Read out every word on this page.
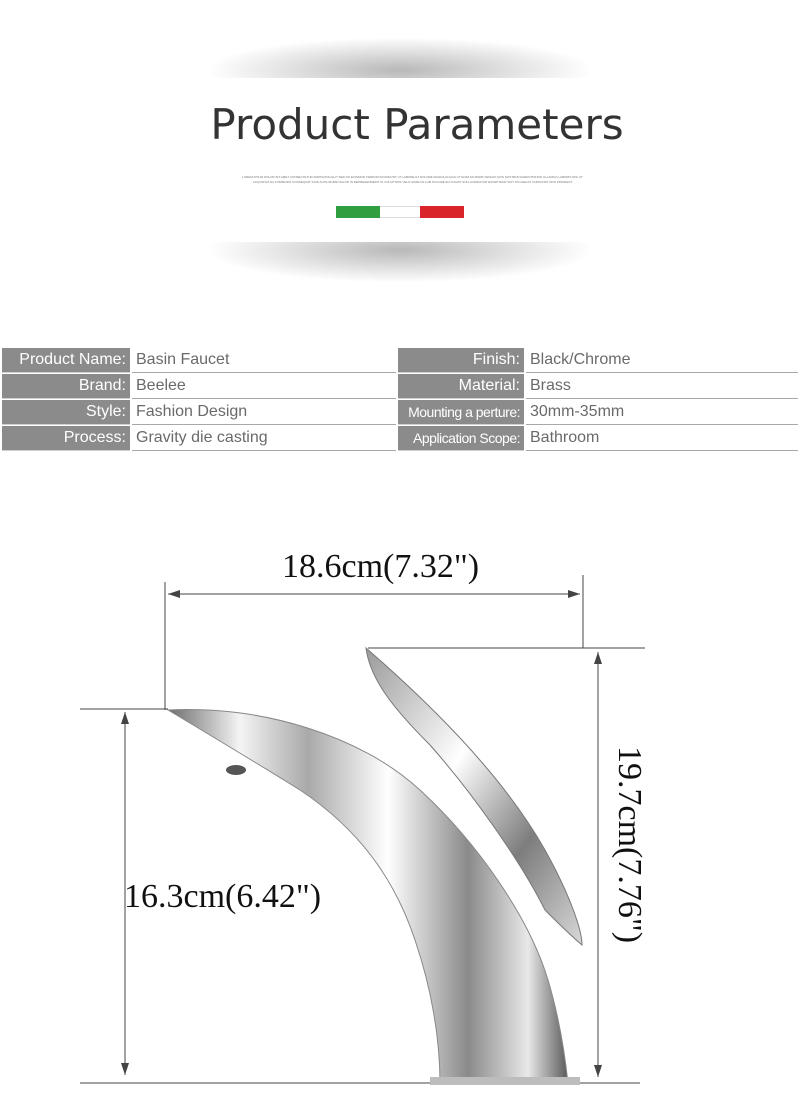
Product Parameters
LOREM IPSUM DOLOR SIT AMET CONSECTETUR ADIPISCING ELIT SED DO EIUSMOD TEMPOR INCIDIDUNT UT LABORE ET DOLORE MAGNA ALIQUA UT ENIM AD MINIM VENIAM QUIS NOSTRUD EXERCITATION ULLAMCO LABORIS NISI UT ALIQUIP EX EA COMMODO CONSEQUAT DUIS AUTE IRURE DOLOR IN REPREHENDERIT IN VOLUPTATE VELIT ESSE CILLUM DOLORE EU FUGIAT NULLA PARIATUR EXCEPTEUR SINT OCCAECAT CUPIDATAT NON PROIDENT
Product Name:	Basin Faucet	Finish:	Black/Chrome
Brand:	Beelee	Material:	Brass
Style:	Fashion Design	Mounting a perture:	30mm-35mm
Process:	Gravity die casting	Application Scope:	Bathroom
18.6cm(7.32")
16.3cm(6.42")	19.7cm(7.76")
